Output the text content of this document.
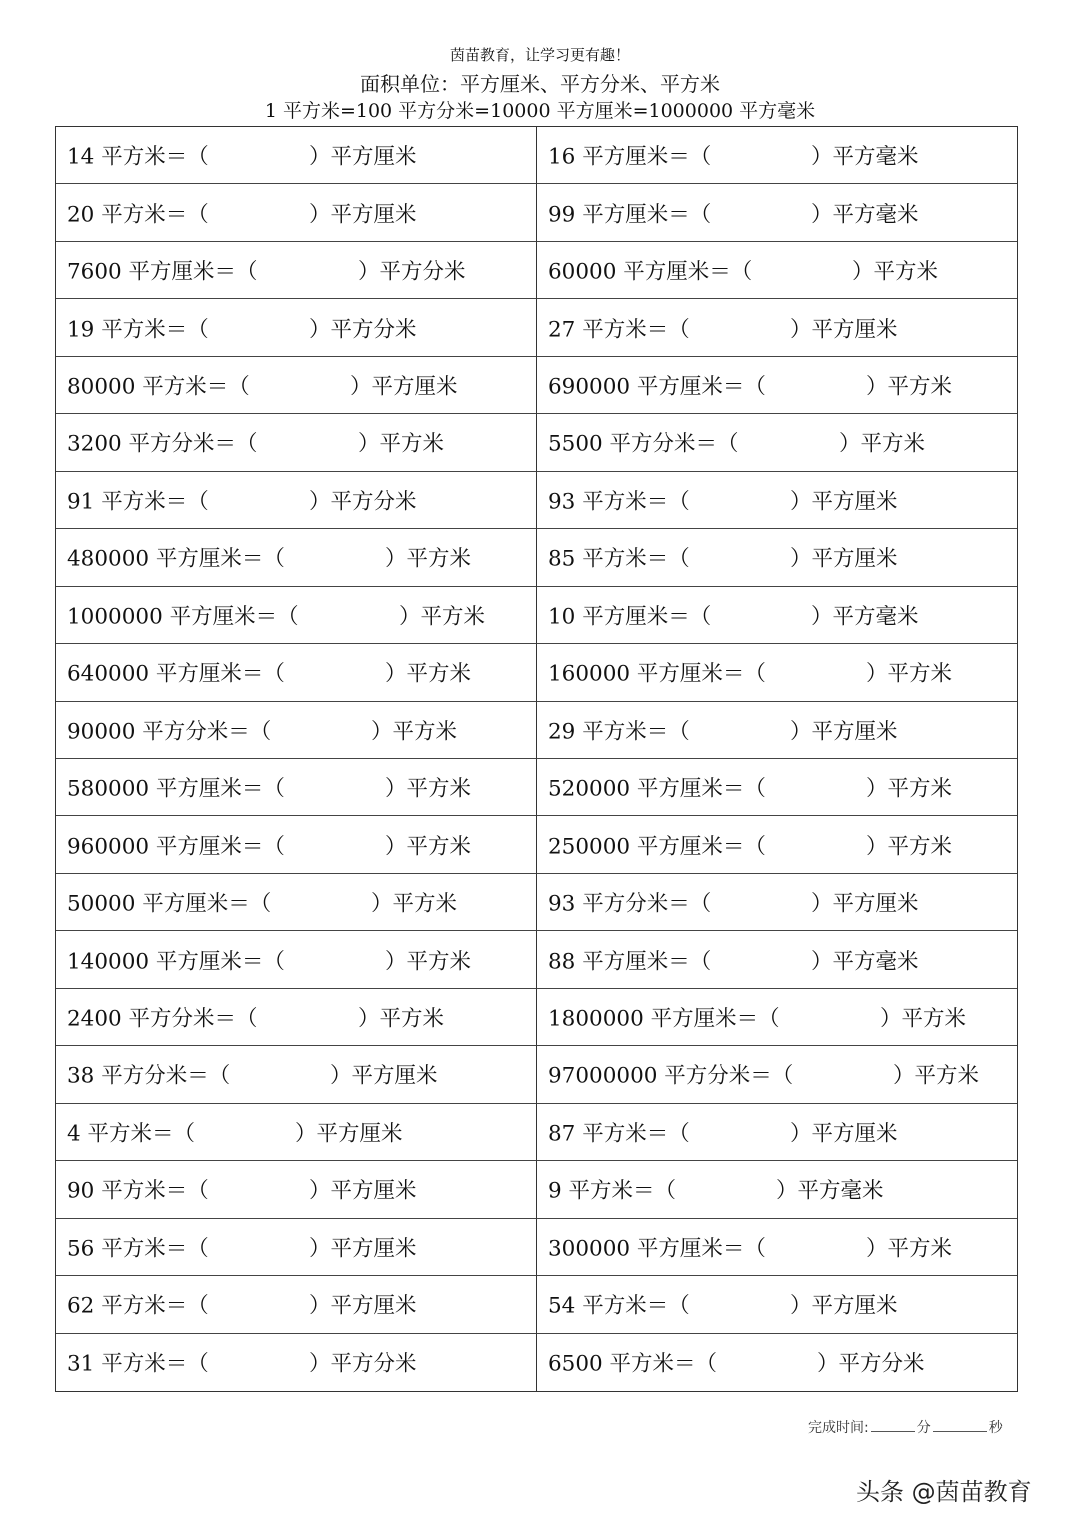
茵苗教育，让学习更有趣！
面积单位：平方厘米、平方分米、平方米
1 平方米=100 平方分米=10000 平方厘米=1000000 平方毫米
14 平方米＝（	）平方厘米	16 平方厘米＝（	）平方毫米
20 平方米＝（	）平方厘米	99 平方厘米＝（	）平方毫米
7600 平方厘米＝（	）平方分米	60000 平方厘米＝（	）平方米
19 平方米＝（	）平方分米	27 平方米＝（	）平方厘米
80000 平方米＝（	）平方厘米	690000 平方厘米＝（	）平方米
3200 平方分米＝（	）平方米	5500 平方分米＝（	）平方米
91 平方米＝（	）平方分米	93 平方米＝（	）平方厘米
480000 平方厘米＝（	）平方米	85 平方米＝（	）平方厘米
1000000 平方厘米＝（	）平方米	10 平方厘米＝（	）平方毫米
640000 平方厘米＝（	）平方米	160000 平方厘米＝（	）平方米
90000 平方分米＝（	）平方米	29 平方米＝（	）平方厘米
580000 平方厘米＝（	）平方米	520000 平方厘米＝（	）平方米
960000 平方厘米＝（	）平方米	250000 平方厘米＝（	）平方米
50000 平方厘米＝（	）平方米	93 平方分米＝（	）平方厘米
140000 平方厘米＝（	）平方米	88 平方厘米＝（	）平方毫米
2400 平方分米＝（	）平方米	1800000 平方厘米＝（	）平方米
38 平方分米＝（	）平方厘米	97000000 平方分米＝（	）平方米
4 平方米＝（	）平方厘米	87 平方米＝（	）平方厘米
90 平方米＝（	）平方厘米	9 平方米＝（	）平方毫米
56 平方米＝（	）平方厘米	300000 平方厘米＝（	）平方米
62 平方米＝（	）平方厘米	54 平方米＝（	）平方厘米
31 平方米＝（	）平方分米	6500 平方米＝（	）平方分米
完成时间:	分	秒
头条 @茵苗教育
